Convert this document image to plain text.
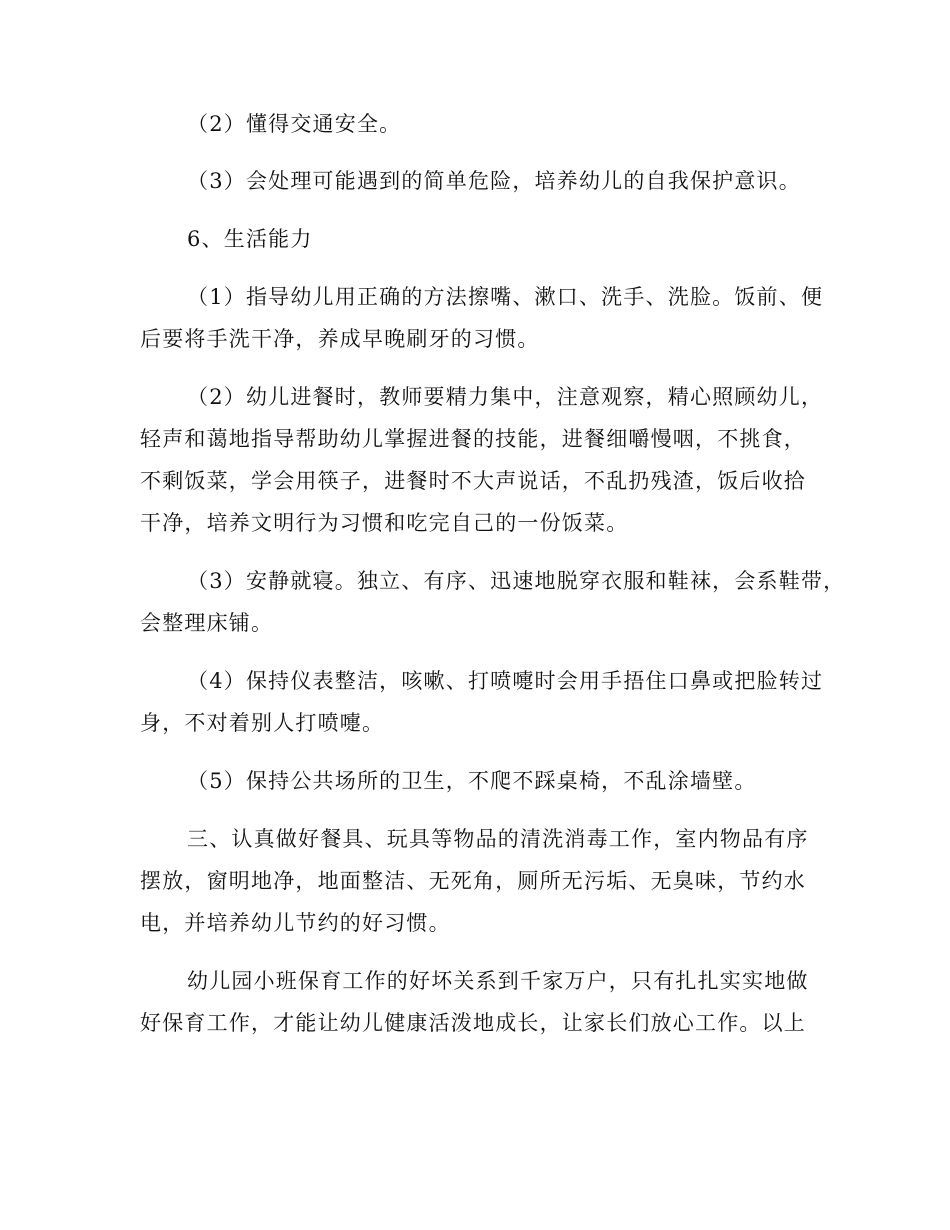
（2）懂得交通安全。
（3）会处理可能遇到的简单危险，培养幼儿的自我保护意识。
6、生活能力
（1）指导幼儿用正确的方法擦嘴、漱口、洗手、洗脸。饭前、便
后要将手洗干净，养成早晚刷牙的习惯。
（2）幼儿进餐时，教师要精力集中，注意观察，精心照顾幼儿，
轻声和蔼地指导帮助幼儿掌握进餐的技能，进餐细嚼慢咽，不挑食，
不剩饭菜，学会用筷子，进餐时不大声说话，不乱扔残渣，饭后收拾
干净，培养文明行为习惯和吃完自己的一份饭菜。
（3）安静就寝。独立、有序、迅速地脱穿衣服和鞋袜，会系鞋带，
会整理床铺。
（4）保持仪表整洁，咳嗽、打喷嚏时会用手捂住口鼻或把脸转过
身，不对着别人打喷嚏。
（5）保持公共场所的卫生，不爬不踩桌椅，不乱涂墙壁。
三、认真做好餐具、玩具等物品的清洗消毒工作，室内物品有序
摆放，窗明地净，地面整洁、无死角，厕所无污垢、无臭味，节约水
电，并培养幼儿节约的好习惯。
幼儿园小班保育工作的好坏关系到千家万户，只有扎扎实实地做
好保育工作，才能让幼儿健康活泼地成长，让家长们放心工作。以上
